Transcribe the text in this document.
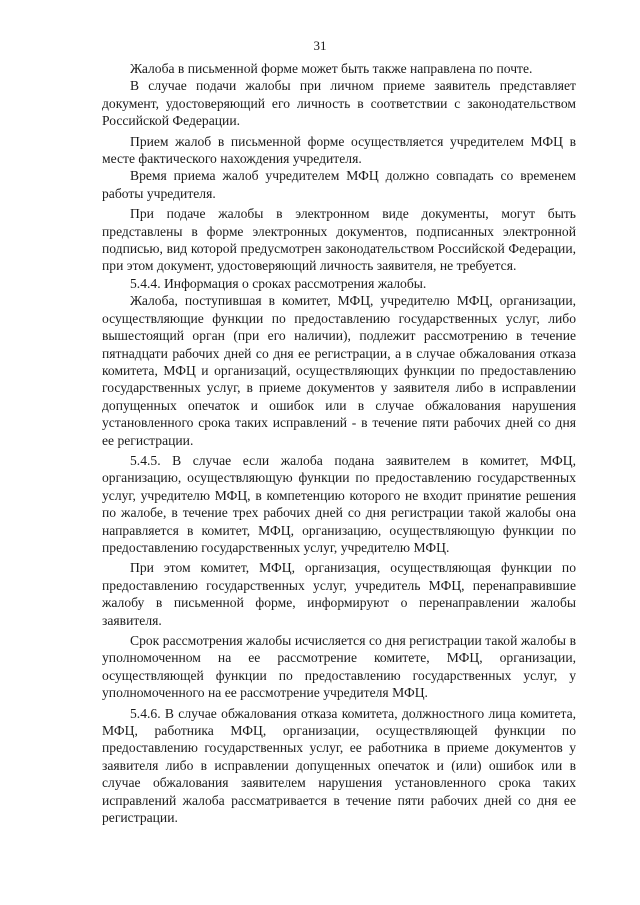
31

Жалоба в письменной форме может быть также направлена по почте.

В случае подачи жалобы при личном приеме заявитель представляет документ, удостоверяющий его личность в соответствии с законодательством Российской Федерации.

Прием жалоб в письменной форме осуществляется учредителем МФЦ в месте фактического нахождения учредителя.

Время приема жалоб учредителем МФЦ должно совпадать со временем работы учредителя.

При подаче жалобы в электронном виде документы, могут быть представлены в форме электронных документов, подписанных электронной подписью, вид которой предусмотрен законодательством Российской Федерации, при этом документ, удостоверяющий личность заявителя, не требуется.

5.4.4. Информация о сроках рассмотрения жалобы.

Жалоба, поступившая в комитет, МФЦ, учредителю МФЦ, организации, осуществляющие функции по предоставлению государственных услуг, либо вышестоящий орган (при его наличии), подлежит рассмотрению в течение пятнадцати рабочих дней со дня ее регистрации, а в случае обжалования отказа комитета, МФЦ и организаций, осуществляющих функции по предоставлению государственных услуг, в приеме документов у заявителя либо в исправлении допущенных опечаток и ошибок или в случае обжалования нарушения установленного срока таких исправлений - в течение пяти рабочих дней со дня ее регистрации.

5.4.5. В случае если жалоба подана заявителем в комитет, МФЦ, организацию, осуществляющую функции по предоставлению государственных услуг, учредителю МФЦ, в компетенцию которого не входит принятие решения по жалобе, в течение трех рабочих дней со дня регистрации такой жалобы она направляется в комитет, МФЦ, организацию, осуществляющую функции по предоставлению государственных услуг, учредителю МФЦ.

При этом комитет, МФЦ, организация, осуществляющая функции по предоставлению государственных услуг, учредитель МФЦ, перенаправившие жалобу в письменной форме, информируют о перенаправлении жалобы заявителя.

Срок рассмотрения жалобы исчисляется со дня регистрации такой жалобы в уполномоченном на ее рассмотрение комитете, МФЦ, организации, осуществляющей функции по предоставлению государственных услуг, у уполномоченного на ее рассмотрение учредителя МФЦ.

5.4.6. В случае обжалования отказа комитета, должностного лица комитета, МФЦ, работника МФЦ, организации, осуществляющей функции по предоставлению государственных услуг, ее работника в приеме документов у заявителя либо в исправлении допущенных опечаток и (или) ошибок или в случае обжалования заявителем нарушения установленного срока таких исправлений жалоба рассматривается в течение пяти рабочих дней со дня ее регистрации.
